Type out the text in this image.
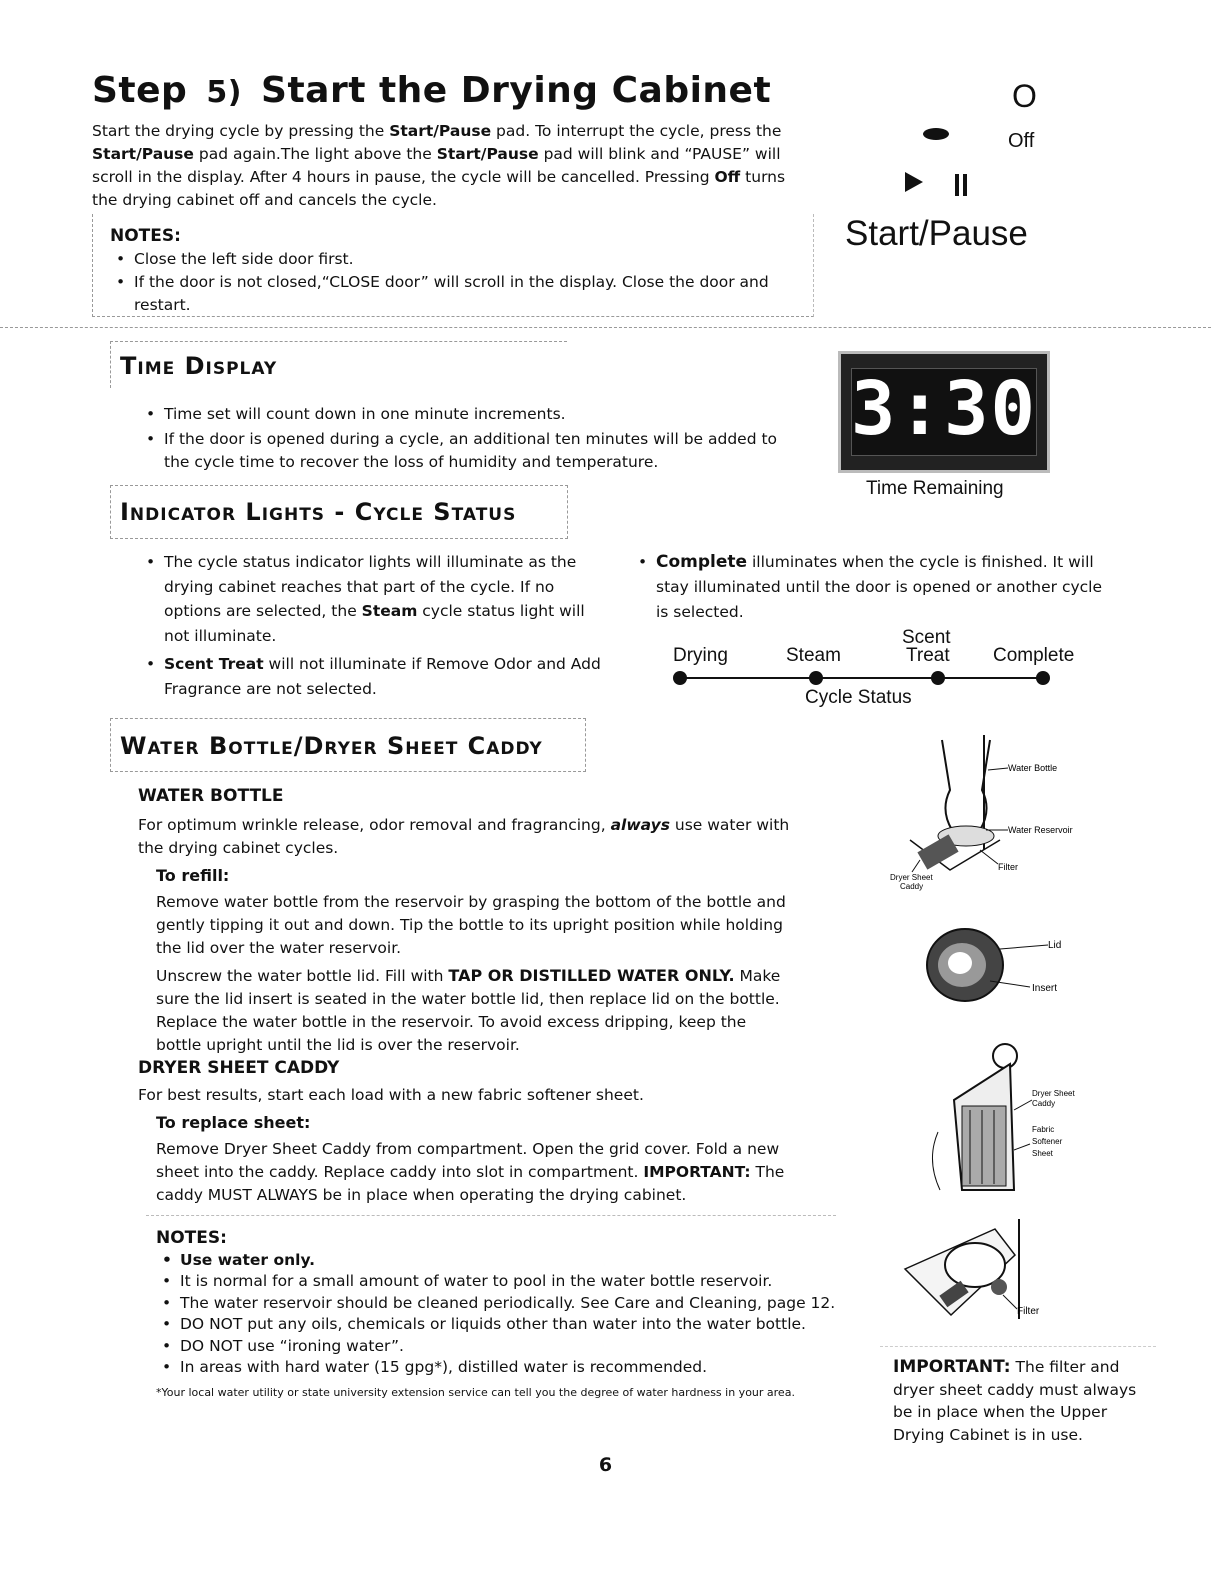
Step 5) Start the Drying Cabinet
Start the drying cycle by pressing the Start/Pause pad. To interrupt the cycle, press the Start/Pause pad again.The light above the Start/Pause pad will blink and “PAUSE” will scroll in the display. After 4 hours in pause, the cycle will be cancelled. Pressing Off turns the drying cabinet off and cancels the cycle.
NOTES:
• Close the left side door first.
• If the door is not closed,“CLOSE door” will scroll in the display. Close the door and restart.
O
Off
Start/Pause
Time Display
• Time set will count down in one minute increments.
• If the door is opened during a cycle, an additional ten minutes will be added to the cycle time to recover the loss of humidity and temperature.
3:30
Time Remaining
Indicator Lights - Cycle Status
• The cycle status indicator lights will illuminate as the drying cabinet reaches that part of the cycle. If no options are selected, the Steam cycle status light will not illuminate.
• Scent Treat will not illuminate if Remove Odor and Add Fragrance are not selected.
• Complete illuminates when the cycle is finished. It will stay illuminated until the door is opened or another cycle is selected.
Scent
Drying	Steam	Treat Complete
Cycle Status
Water Bottle/Dryer Sheet Caddy
WATER BOTTLE
For optimum wrinkle release, odor removal and fragrancing, always use water with the drying cabinet cycles.
To refill:
Remove water bottle from the reservoir by grasping the bottom of the bottle and gently tipping it out and down. Tip the bottle to its upright position while holding the lid over the water reservoir.
Unscrew the water bottle lid. Fill with TAP OR DISTILLED WATER ONLY. Make sure the lid insert is seated in the water bottle lid, then replace lid on the bottle. Replace the water bottle in the reservoir. To avoid excess dripping, keep the bottle upright until the lid is over the reservoir.
DRYER SHEET CADDY
For best results, start each load with a new fabric softener sheet.
To replace sheet:
Remove Dryer Sheet Caddy from compartment. Open the grid cover. Fold a new sheet into the caddy. Replace caddy into slot in compartment. IMPORTANT: The caddy MUST ALWAYS be in place when operating the drying cabinet.
NOTES:
• Use water only.
• It is normal for a small amount of water to pool in the water bottle reservoir.
• The water reservoir should be cleaned periodically. See Care and Cleaning, page 12.
• DO NOT put any oils, chemicals or liquids other than water into the water bottle.
• DO NOT use “ironing water”.
• In areas with hard water (15 gpg*), distilled water is recommended.
*Your local water utility or state university extension service can tell you the degree of water hardness in your area.
Water Bottle
Water Reservoir
Filter
Dryer Sheet
Caddy
Lid
Insert
Dryer Sheet
Caddy
Fabric
Softener
Sheet
Filter
IMPORTANT: The filter and dryer sheet caddy must always be in place when the Upper Drying Cabinet is in use.
6
